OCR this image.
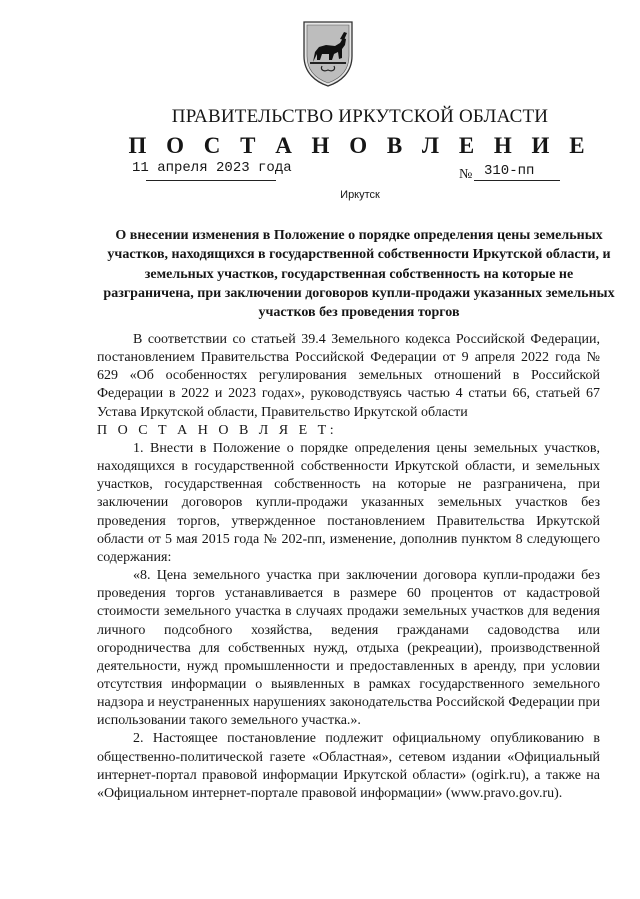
ПРАВИТЕЛЬСТВО ИРКУТСКОЙ ОБЛАСТИ
П О С Т А Н О В Л Е Н И Е
11 апреля 2023 года	№ 310-пп
Иркутск
О внесении изменения в Положение о порядке определения цены земельных участков, находящихся в государственной собственности Иркутской области, и земельных участков, государственная собственность на которые не разграничена, при заключении договоров купли-продажи указанных земельных участков без проведения торгов

В соответствии со статьей 39.4 Земельного кодекса Российской Федерации, постановлением Правительства Российской Федерации от 9 апреля 2022 года № 629 «Об особенностях регулирования земельных отношений в Российской Федерации в 2022 и 2023 годах», руководствуясь частью 4 статьи 66, статьей 67 Устава Иркутской области, Правительство Иркутской области

П О С Т А Н О В Л Я Е Т:

1. Внести в Положение о порядке определения цены земельных участков, находящихся в государственной собственности Иркутской области, и земельных участков, государственная собственность на которые не разграничена, при заключении договоров купли-продажи указанных земельных участков без проведения торгов, утвержденное постановлением Правительства Иркутской области от 5 мая 2015 года № 202-пп, изменение, дополнив пунктом 8 следующего содержания:

«8. Цена земельного участка при заключении договора купли-продажи без проведения торгов устанавливается в размере 60 процентов от кадастровой стоимости земельного участка в случаях продажи земельных участков для ведения личного подсобного хозяйства, ведения гражданами садоводства или огородничества для собственных нужд, отдыха (рекреации), производственной деятельности, нужд промышленности и предоставленных в аренду, при условии отсутствия информации о выявленных в рамках государственного земельного надзора и неустраненных нарушениях законодательства Российской Федерации при использовании такого земельного участка.».

2. Настоящее постановление подлежит официальному опубликованию в общественно-политической газете «Областная», сетевом издании «Официальный интернет-портал правовой информации Иркутской области» (ogirk.ru), а также на «Официальном интернет-портале правовой информации» (www.pravo.gov.ru).
